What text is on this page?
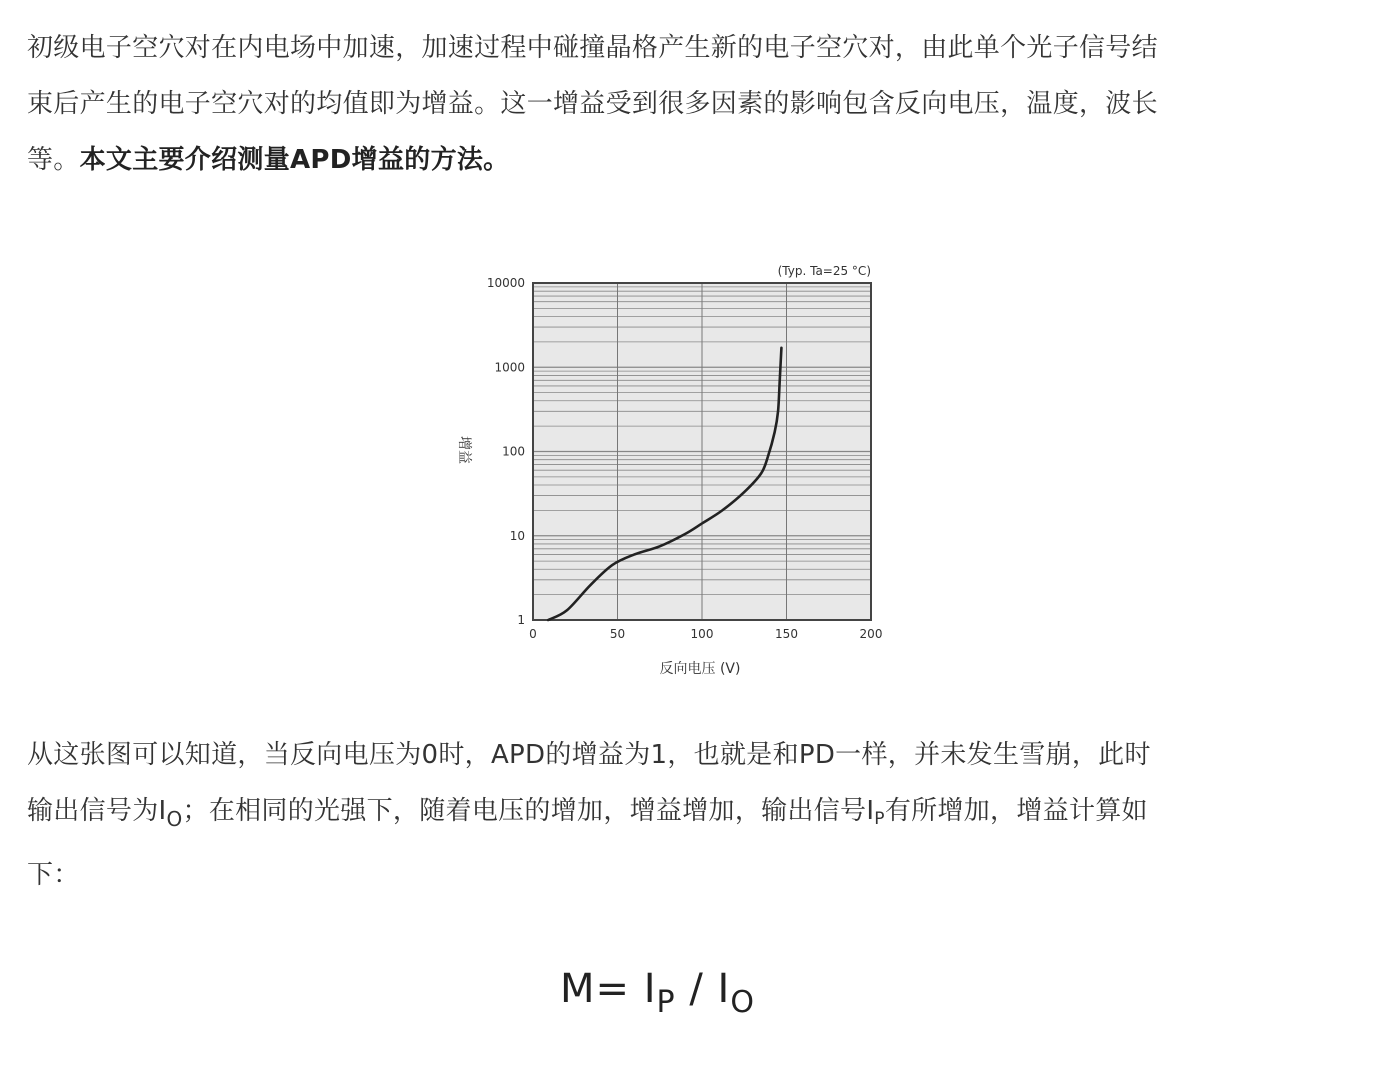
初级电子空穴对在内电场中加速，加速过程中碰撞晶格产生新的电子空穴对，由此单个光子信号结
束后产生的电子空穴对的均值即为增益。这一增益受到很多因素的影响包含反向电压，温度，波长
等。本文主要介绍测量APD增益的方法。
1
10
100
1000
10000
0	50	100	150	200
(Typ. Ta=25 °C)
反向电压 (V)
增益
从这张图可以知道，当反向电压为0时，APD的增益为1，也就是和PD一样，并未发生雪崩，此时
输出信号为$I_O$；在相同的光强下，随着电压的增加，增益增加，输出信号IP有所增加，增益计算如
下：
$M= I_P / I_O$
